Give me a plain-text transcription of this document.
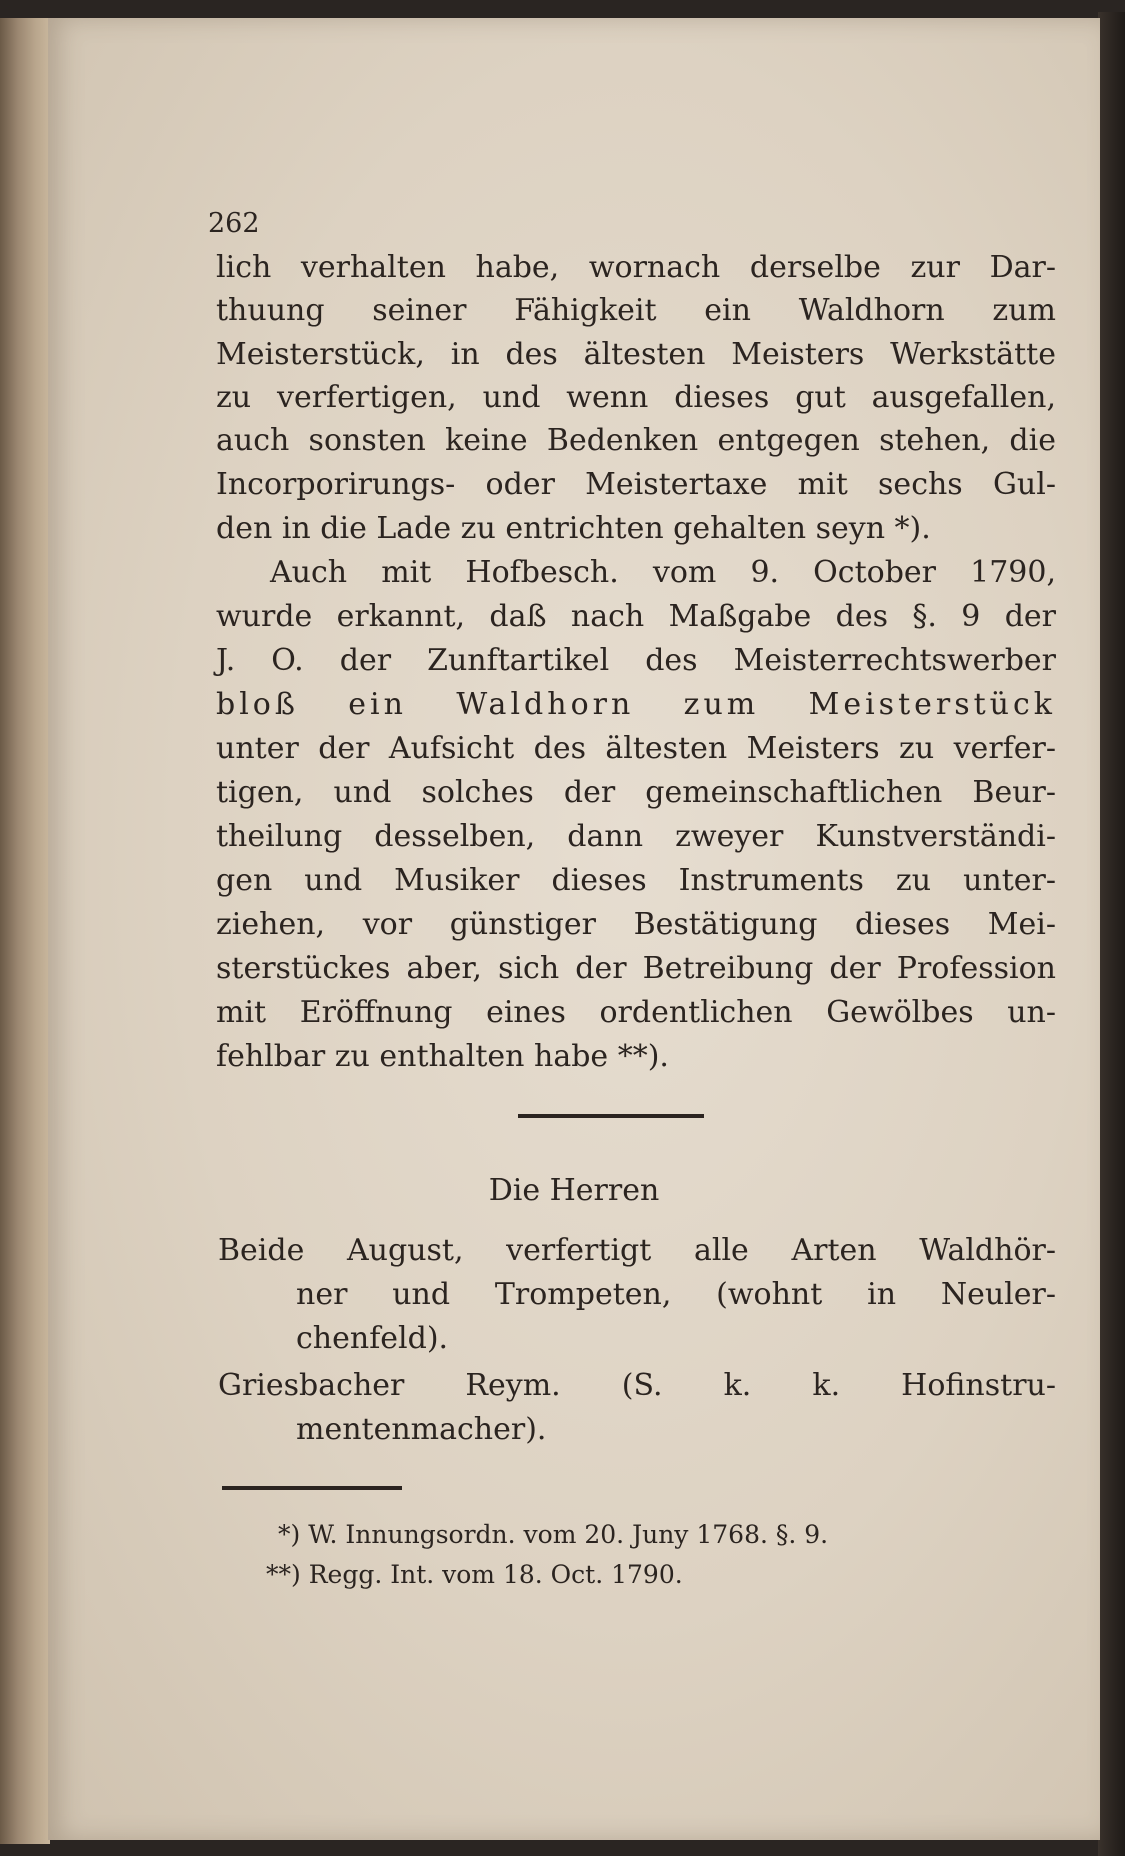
262
lich verhalten habe, wornach derselbe zur Dar-
thuung seiner Fähigkeit ein Waldhorn zum
Meisterstück, in des ältesten Meisters Werkstätte
zu verfertigen, und wenn dieses gut ausgefallen,
auch sonsten keine Bedenken entgegen stehen, die
Incorporirungs- oder Meistertaxe mit sechs Gul-
den in die Lade zu entrichten gehalten seyn *).
Auch mit Hofbesch. vom 9. October 1790,
wurde erkannt, daß nach Maßgabe des §. 9 der
J. O. der Zunftartikel des Meisterrechtswerber
bloß ein Waldhorn zum Meisterstück
unter der Aufsicht des ältesten Meisters zu verfer-
tigen, und solches der gemeinschaftlichen Beur-
theilung desselben, dann zweyer Kunstverständi-
gen und Musiker dieses Instruments zu unter-
ziehen, vor günstiger Bestätigung dieses Mei-
sterstückes aber, sich der Betreibung der Profession
mit Eröffnung eines ordentlichen Gewölbes un-
fehlbar zu enthalten habe **).
Die Herren
Beide August, verfertigt alle Arten Waldhör-
ner und Trompeten, (wohnt in Neuler-
chenfeld).
Griesbacher Reym. (S. k. k. Hofinstru-
mentenmacher).
*) W. Innungsordn. vom 20. Juny 1768. §. 9.
**) Regg. Int. vom 18. Oct. 1790.
